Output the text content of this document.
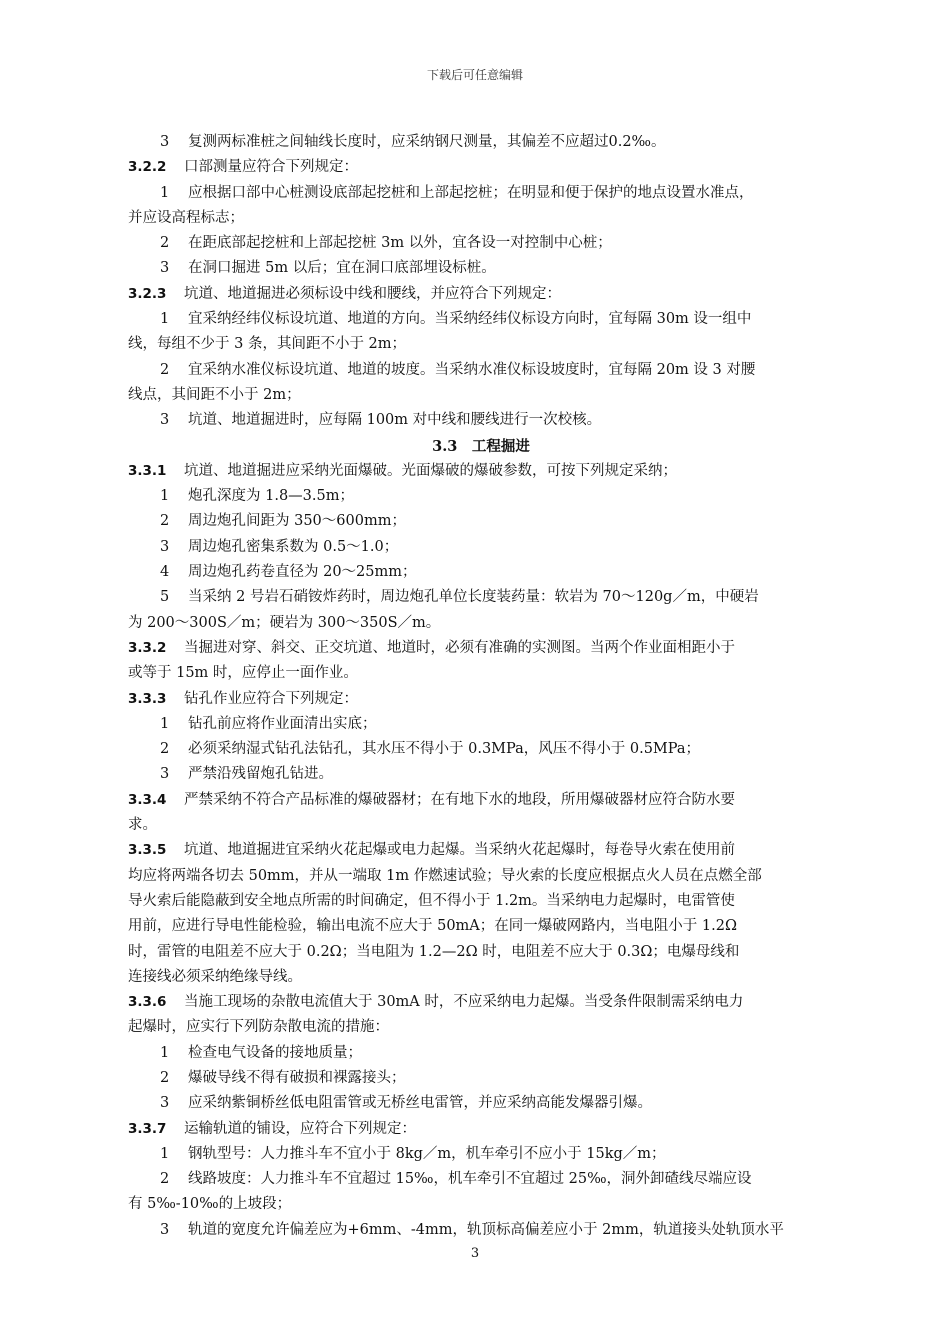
下载后可任意编辑
3 复测两标准桩之间轴线长度时，应采纳钢尺测量，其偏差不应超过0.2‰。
3.2.2 口部测量应符合下列规定：
1 应根据口部中心桩测设底部起挖桩和上部起挖桩；在明显和便于保护的地点设置水准点，
并应设高程标志；
2 在距底部起挖桩和上部起挖桩 3m 以外，宜各设一对控制中心桩；
3 在洞口掘进 5m 以后；宜在洞口底部埋设标桩。
3.2.3 坑道、地道掘进必须标设中线和腰线，并应符合下列规定：
1 宜采纳经纬仪标设坑道、地道的方向。当采纳经纬仪标设方向时，宜每隔 30m 设一组中
线，每组不少于 3 条，其间距不小于 2m；
2 宜采纳水准仪标设坑道、地道的坡度。当采纳水准仪标设坡度时，宜每隔 20m 设 3 对腰
线点，其间距不小于 2m；
3 坑道、地道掘进时，应每隔 100m 对中线和腰线进行一次校核。
3.3　工程掘进
3.3.1 坑道、地道掘进应采纳光面爆破。光面爆破的爆破参数，可按下列规定采纳；
1 炮孔深度为 1.8—3.5m；
2 周边炮孔间距为 350～600mm；
3 周边炮孔密集系数为 0.5～1.0；
4 周边炮孔药卷直径为 20～25mm；
5 当采纳 2 号岩石硝铵炸药时，周边炮孔单位长度装药量：软岩为 70～120g／m，中硬岩
为 200～300S／m；硬岩为 300～350S／m。
3.3.2 当掘进对穿、斜交、正交坑道、地道时，必须有准确的实测图。当两个作业面相距小于
或等于 15m 时，应停止一面作业。
3.3.3 钻孔作业应符合下列规定：
1 钻孔前应将作业面清出实底；
2 必须采纳湿式钻孔法钻孔，其水压不得小于 0.3MPa，风压不得小于 0.5MPa；
3 严禁沿残留炮孔钻进。
3.3.4 严禁采纳不符合产品标准的爆破器材；在有地下水的地段，所用爆破器材应符合防水要
求。
3.3.5 坑道、地道掘进宜采纳火花起爆或电力起爆。当采纳火花起爆时，每卷导火索在使用前
均应将两端各切去 50mm，并从一端取 1m 作燃速试验；导火索的长度应根据点火人员在点燃全部
导火索后能隐蔽到安全地点所需的时间确定，但不得小于 1.2m。当采纳电力起爆时，电雷管使
用前，应进行导电性能检验，输出电流不应大于 50mA；在同一爆破网路内，当电阻小于 1.2Ω
时，雷管的电阻差不应大于 0.2Ω；当电阻为 1.2—2Ω 时，电阻差不应大于 0.3Ω；电爆母线和
连接线必须采纳绝缘导线。
3.3.6 当施工现场的杂散电流值大于 30mA 时，不应采纳电力起爆。当受条件限制需采纳电力
起爆时，应实行下列防杂散电流的措施：
1 检查电气设备的接地质量；
2 爆破导线不得有破损和裸露接头；
3 应采纳紫铜桥丝低电阻雷管或无桥丝电雷管，并应采纳高能发爆器引爆。
3.3.7 运输轨道的铺设，应符合下列规定：
1 钢轨型号：人力推斗车不宜小于 8kg／m，机车牵引不应小于 15kg／m；
2 线路坡度：人力推斗车不宜超过 15‰，机车牵引不宜超过 25‰，洞外卸碴线尽端应设
有 5‰-10‰的上坡段；
3 轨道的宽度允许偏差应为+6mm、-4mm，轨顶标高偏差应小于 2mm，轨道接头处轨顶水平
3
